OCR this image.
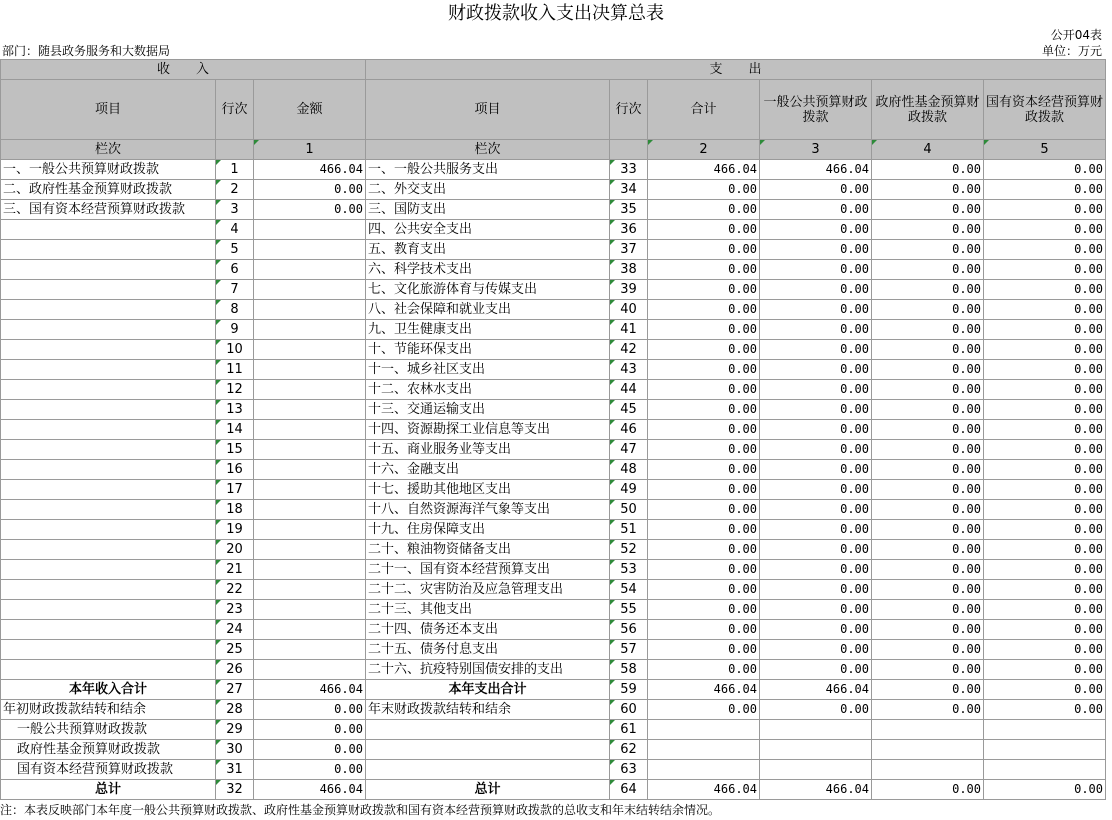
财政拨款收入支出决算总表
公开04表
部门：随县政务服务和大数据局	单位：万元
收　　入			支　　出					
项目	行次	金额	项目	行次	合计	一般公共预算财政拨款	政府性基金预算财政拨款	国有资本经营预算财政拨款
栏次		1	栏次		2	3	4	5
一、一般公共预算财政拨款	1	466.04	一、一般公共服务支出	33	466.04	466.04	0.00	0.00
二、政府性基金预算财政拨款	2	0.00	二、外交支出	34	0.00	0.00	0.00	0.00
三、国有资本经营预算财政拨款	3	0.00	三、国防支出	35	0.00	0.00	0.00	0.00
	4		四、公共安全支出	36	0.00	0.00	0.00	0.00
	5		五、教育支出	37	0.00	0.00	0.00	0.00
	6		六、科学技术支出	38	0.00	0.00	0.00	0.00
	7		七、文化旅游体育与传媒支出	39	0.00	0.00	0.00	0.00
	8		八、社会保障和就业支出	40	0.00	0.00	0.00	0.00
	9		九、卫生健康支出	41	0.00	0.00	0.00	0.00
	10		十、节能环保支出	42	0.00	0.00	0.00	0.00
	11		十一、城乡社区支出	43	0.00	0.00	0.00	0.00
	12		十二、农林水支出	44	0.00	0.00	0.00	0.00
	13		十三、交通运输支出	45	0.00	0.00	0.00	0.00
	14		十四、资源勘探工业信息等支出	46	0.00	0.00	0.00	0.00
	15		十五、商业服务业等支出	47	0.00	0.00	0.00	0.00
	16		十六、金融支出	48	0.00	0.00	0.00	0.00
	17		十七、援助其他地区支出	49	0.00	0.00	0.00	0.00
	18		十八、自然资源海洋气象等支出	50	0.00	0.00	0.00	0.00
	19		十九、住房保障支出	51	0.00	0.00	0.00	0.00
	20		二十、粮油物资储备支出	52	0.00	0.00	0.00	0.00
	21		二十一、国有资本经营预算支出	53	0.00	0.00	0.00	0.00
	22		二十二、灾害防治及应急管理支出	54	0.00	0.00	0.00	0.00
	23		二十三、其他支出	55	0.00	0.00	0.00	0.00
	24		二十四、债务还本支出	56	0.00	0.00	0.00	0.00
	25		二十五、债务付息支出	57	0.00	0.00	0.00	0.00
	26		二十六、抗疫特别国债安排的支出	58	0.00	0.00	0.00	0.00
本年收入合计	27	466.04	本年支出合计	59	466.04	466.04	0.00	0.00
年初财政拨款结转和结余	28	0.00	年末财政拨款结转和结余	60	0.00	0.00	0.00	0.00
一般公共预算财政拨款	29	0.00		61				
政府性基金预算财政拨款	30	0.00		62				
国有资本经营预算财政拨款	31	0.00		63				
总计	32	466.04	总计	64	466.04	466.04	0.00	0.00
注：本表反映部门本年度一般公共预算财政拨款、政府性基金预算财政拨款和国有资本经营预算财政拨款的总收支和年末结转结余情况。
